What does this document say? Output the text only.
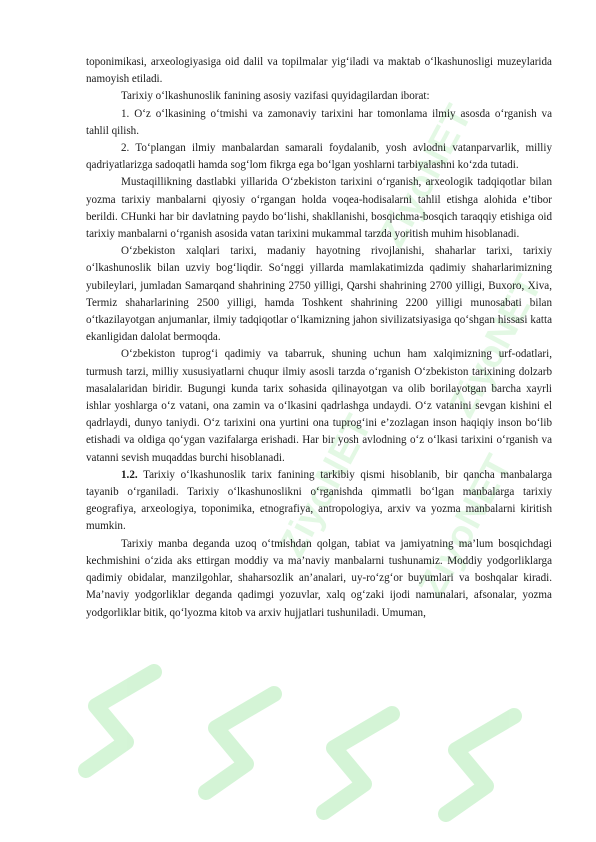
ZiyoNET
ZiyoNET
ZiyoNET
ZiyoNET

toponimikasi, arxeologiyasiga oid dalil va topilmalar yig‘iladi va maktab o‘lkashunosligi muzeylarida namoyish etiladi.

Tarixiy o‘lkashunoslik fanining asosiy vazifasi quyidagilardan iborat:

1. O‘z o‘lkasining o‘tmishi va zamonaviy tarixini har tomonlama ilmiy asosda o‘rganish va tahlil qilish.

2. To‘plangan ilmiy manbalardan samarali foydalanib, yosh avlodni vatanparvarlik, milliy qadriyatlarizga sadoqatli hamda sog‘lom fikrga ega bo‘lgan yoshlarni tarbiyalashni ko‘zda tutadi.

Mustaqillikning dastlabki yillarida O‘zbekiston tarixini o‘rganish, arxeologik tadqiqotlar bilan yozma tarixiy manbalarni qiyosiy o‘rgangan holda voqea-hodisalarni tahlil etishga alohida e’tibor berildi. CHunki har bir davlatning paydo bo‘lishi, shakllanishi, bosqichma-bosqich taraqqiy etishiga oid tarixiy manbalarni o‘rganish asosida vatan tarixini mukammal tarzda yoritish muhim hisoblanadi.

O‘zbekiston xalqlari tarixi, madaniy hayotning rivojlanishi, shaharlar tarixi, tarixiy o‘lkashunoslik bilan uzviy bog‘liqdir. So‘nggi yillarda mamlakatimizda qadimiy shaharlarimizning yubileylari, jumladan Samarqand shahrining 2750 yilligi, Qarshi shahrining 2700 yilligi, Buxoro, Xiva, Termiz shaharlarining 2500 yilligi, hamda Toshkent shahrining 2200 yilligi munosabati bilan o‘tkazilayotgan anjumanlar, ilmiy tadqiqotlar o‘lkamizning jahon sivilizatsiyasiga qo‘shgan hissasi katta ekanligidan dalolat bermoqda.

O‘zbekiston tuprog‘i qadimiy va tabarruk, shuning uchun ham xalqimizning urf-odatlari, turmush tarzi, milliy xususiyatlarni chuqur ilmiy asosli tarzda o‘rganish O‘zbekiston tarixining dolzarb masalalaridan biridir. Bugungi kunda tarix sohasida qilinayotgan va olib borilayotgan barcha xayrli ishlar yoshlarga o‘z vatani, ona zamin va o‘lkasini qadrlashga undaydi. O‘z vatanini sevgan kishini el qadrlaydi, dunyo taniydi. O‘z tarixini ona yurtini ona tuprog‘ini e’zozlagan inson haqiqiy inson bo‘lib etishadi va oldiga qo‘ygan vazifalarga erishadi. Har bir yosh avlodning o‘z o‘lkasi tarixini o‘rganish va vatanni sevish muqaddas burchi hisoblanadi.

1.2. Tarixiy o‘lkashunoslik tarix fanining tarkibiy qismi hisoblanib, bir qancha manbalarga tayanib o‘rganiladi. Tarixiy o‘lkashunoslikni o‘rganishda qimmatli bo‘lgan manbalarga tarixiy geografiya, arxeologiya, toponimika, etnografiya, antropologiya, arxiv va yozma manbalarni kiritish mumkin.

Tarixiy manba deganda uzoq o‘tmishdan qolgan, tabiat va jamiyatning ma’lum bosqichdagi kechmishini o‘zida aks ettirgan moddiy va ma’naviy manbalarni tushunamiz. Moddiy yodgorliklarga qadimiy obidalar, manzilgohlar, shaharsozlik an’analari, uy-ro‘zg‘or buyumlari va boshqalar kiradi. Ma’naviy yodgorliklar deganda qadimgi yozuvlar, xalq og‘zaki ijodi namunalari, afsonalar, yozma yodgorliklar bitik, qo‘lyozma kitob va arxiv hujjatlari tushuniladi. Umuman,
